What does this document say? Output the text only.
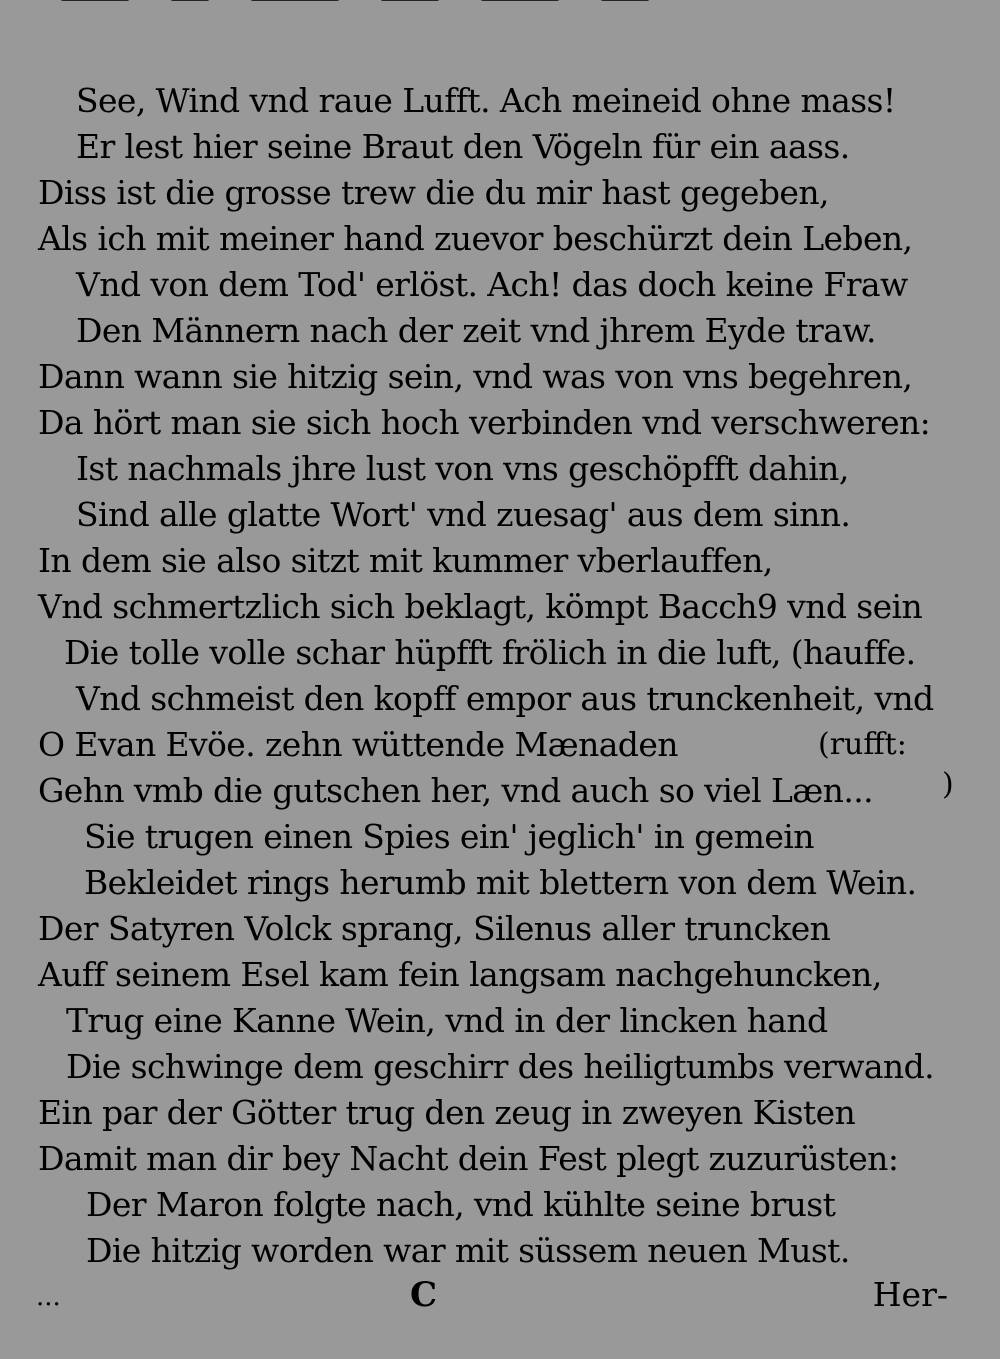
See, Wind vnd raue Lufft. Ach meineid ohne mass!
Er lest hier seine Braut den Vögeln für ein aass.
Diss ist die grosse trew die du mir hast gegeben,
Als ich mit meiner hand zuevor beschürzt dein Leben,
Vnd von dem Tod' erlöst. Ach! das doch keine Fraw
Den Männern nach der zeit vnd jhrem Eyde traw.
Dann wann sie hitzig sein, vnd was von vns begehren,
Da hört man sie sich hoch verbinden vnd verschweren:
Ist nachmals jhre lust von vns geschöpfft dahin,
Sind alle glatte Wort' vnd zuesag' aus dem sinn.
In dem sie also sitzt mit kummer vberlauffen,
Vnd schmertzlich sich beklagt, kömpt Bacch9 vnd sein
Die tolle volle schar hüpfft frölich in die luft, (hauffe.
Vnd schmeist den kopff empor aus trunckenheit, vnd
O Evan Evöe. zehn wüttende Mænaden	(rufft:
Gehn vmb die gutschen her, vnd auch so viel Læn... )
Sie trugen einen Spies ein' jeglich' in gemein
Bekleidet rings herumb mit blettern von dem Wein.
Der Satyren Volck sprang, Silenus aller truncken
Auff seinem Esel kam fein langsam nachgehuncken,
Trug eine Kanne Wein, vnd in der lincken hand
Die schwinge dem geschirr des heiligtumbs verwand.
Ein par der Götter trug den zeug in zweyen Kisten
Damit man dir bey Nacht dein Fest plegt zuzurüsten:
Der Maron folgte nach, vnd kühlte seine brust
Die hitzig worden war mit süssem neuen Must.
...	C	Her-
